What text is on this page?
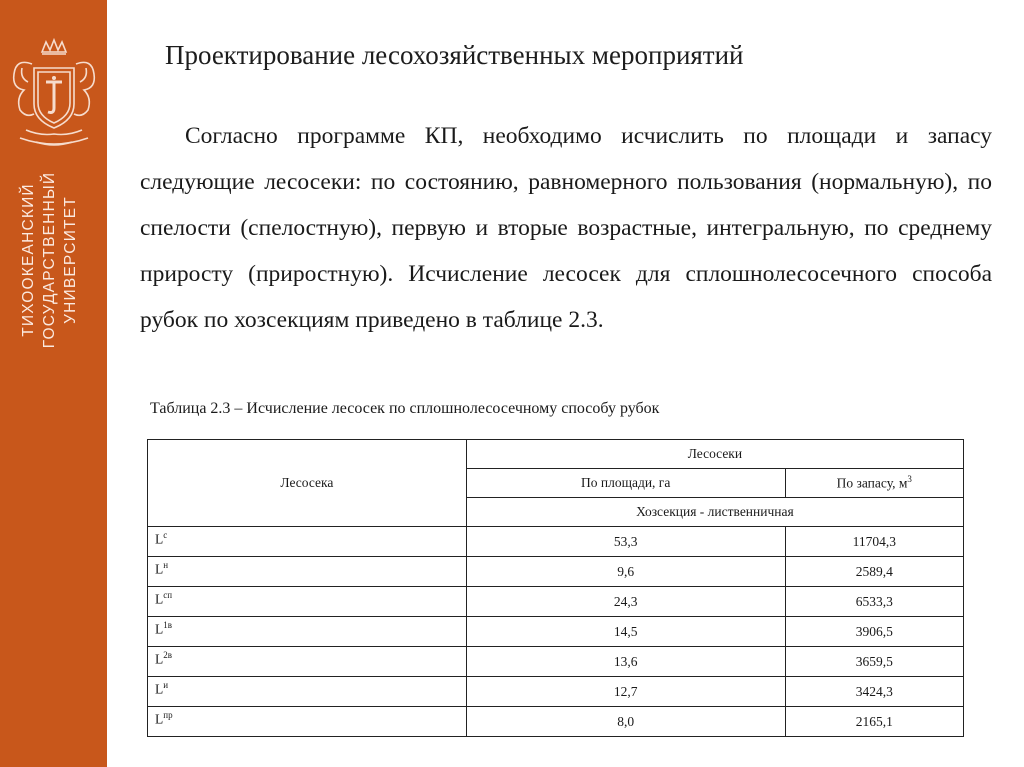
ТИХООКЕАНСКИЙ ГОСУДАРСТВЕННЫЙ УНИВЕРСИТЕТ
Проектирование лесохозяйственных мероприятий

Согласно программе КП, необходимо исчислить по площади и запасу следующие лесосеки: по состоянию, равномерного пользования (нормальную), по спелости (спелостную), первую и вторые возрастные, интегральную, по среднему приросту (приростную). Исчисление лесосек для сплошнолесосечного способа рубок по хозсекциям приведено в таблице 2.3.

Таблица 2.3 – Исчисление лесосек по сплошнолесосечному способу рубок
Лесосека	Лесосеки	
	По площади, га	По запасу, $м^3$
	Хозсекция - лиственничная	
$L^с$	53,3	11704,3
$L^н$	9,6	2589,4
$L^{сп}$	24,3	6533,3
$L^{1в}$	14,5	3906,5
$L^{2в}$	13,6	3659,5
$L^и$	12,7	3424,3
$L^{пр}$	8,0	2165,1
